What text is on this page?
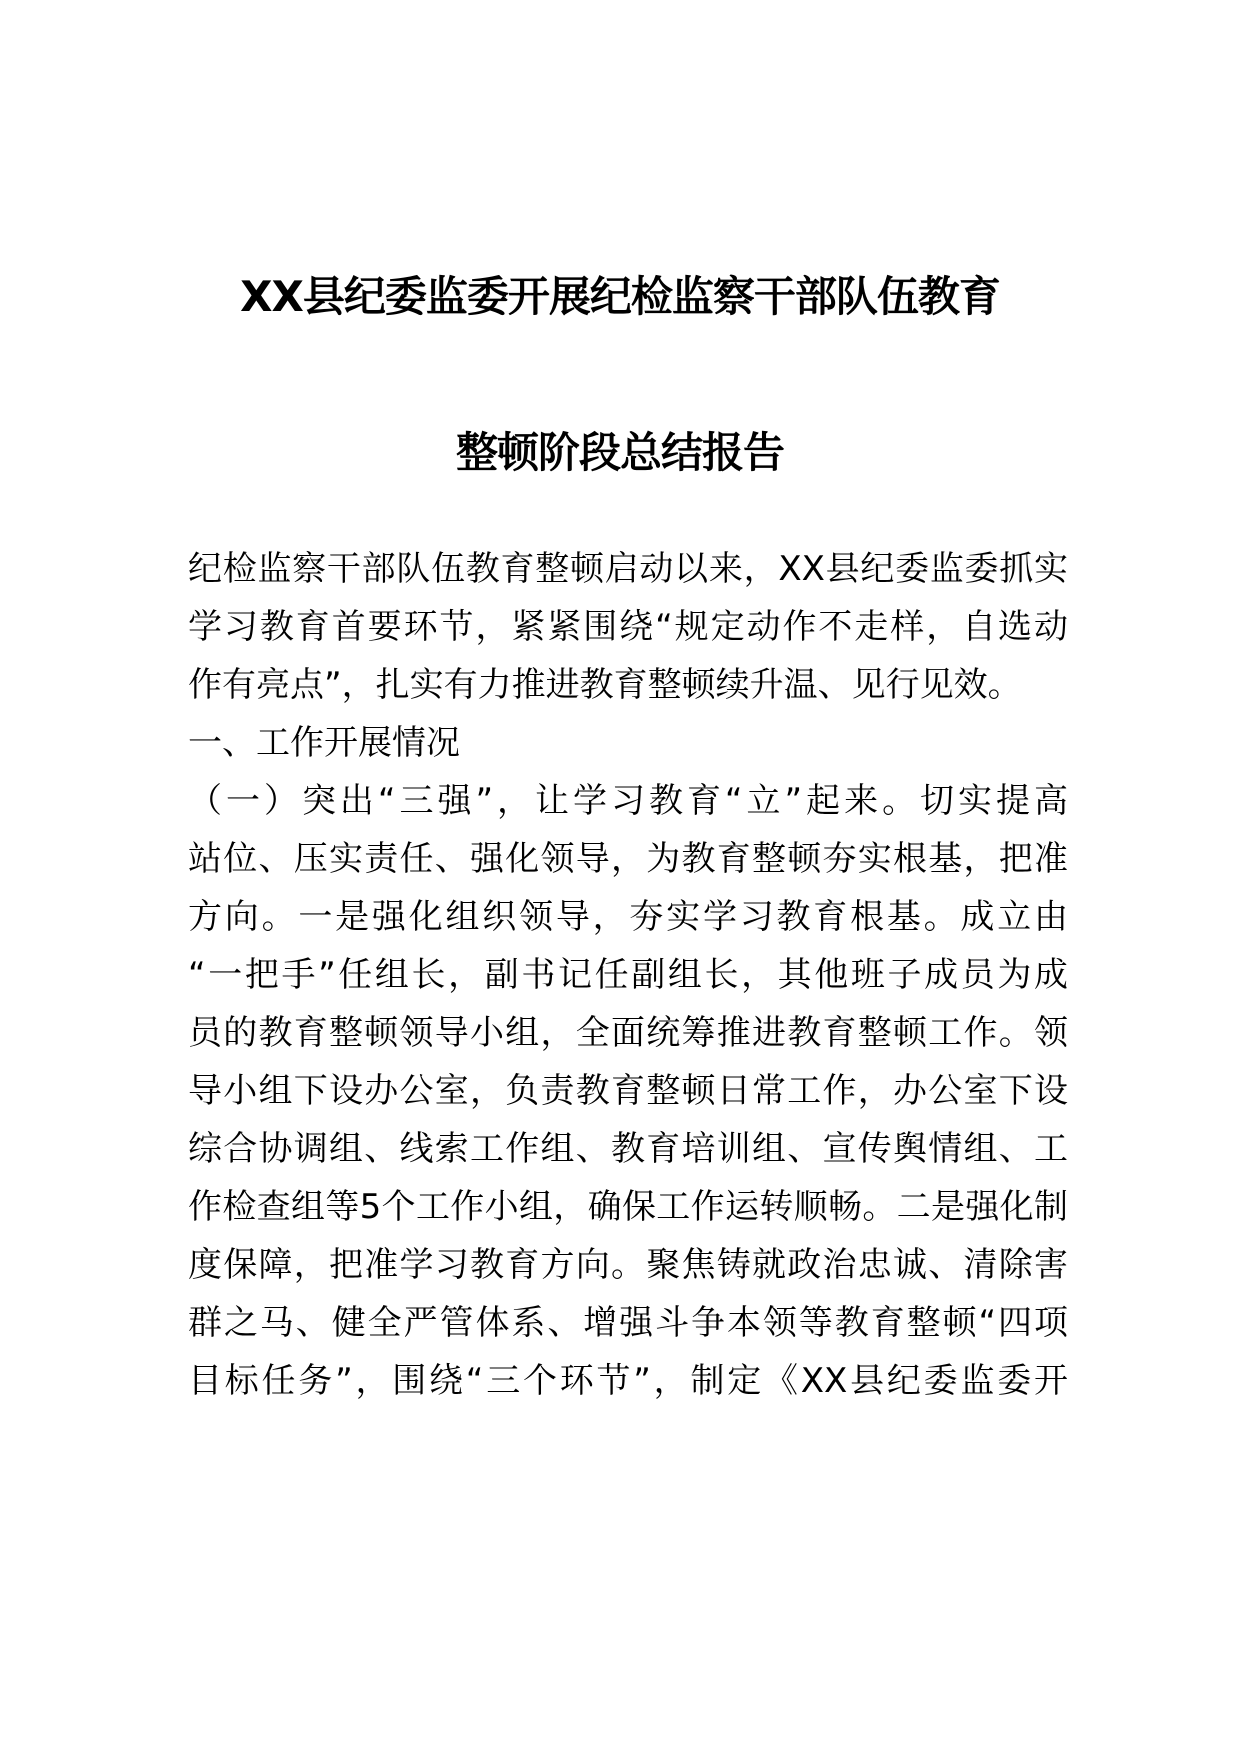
XX县纪委监委开展纪检监察干部队伍教育
整顿阶段总结报告
纪检监察干部队伍教育整顿启动以来，XX县纪委监委抓实
学习教育首要环节，紧紧围绕“规定动作不走样，自选动
作有亮点”，扎实有力推进教育整顿续升温、见行见效。
一、工作开展情况
（一）突出“三强”，让学习教育“立”起来。切实提高
站位、压实责任、强化领导，为教育整顿夯实根基，把准
方向。一是强化组织领导，夯实学习教育根基。成立由
“一把手”任组长，副书记任副组长，其他班子成员为成
员的教育整顿领导小组，全面统筹推进教育整顿工作。领
导小组下设办公室，负责教育整顿日常工作，办公室下设
综合协调组、线索工作组、教育培训组、宣传舆情组、工
作检查组等5个工作小组，确保工作运转顺畅。二是强化制
度保障，把准学习教育方向。聚焦铸就政治忠诚、清除害
群之马、健全严管体系、增强斗争本领等教育整顿“四项
目标任务”，围绕“三个环节”，制定《XX县纪委监委开
